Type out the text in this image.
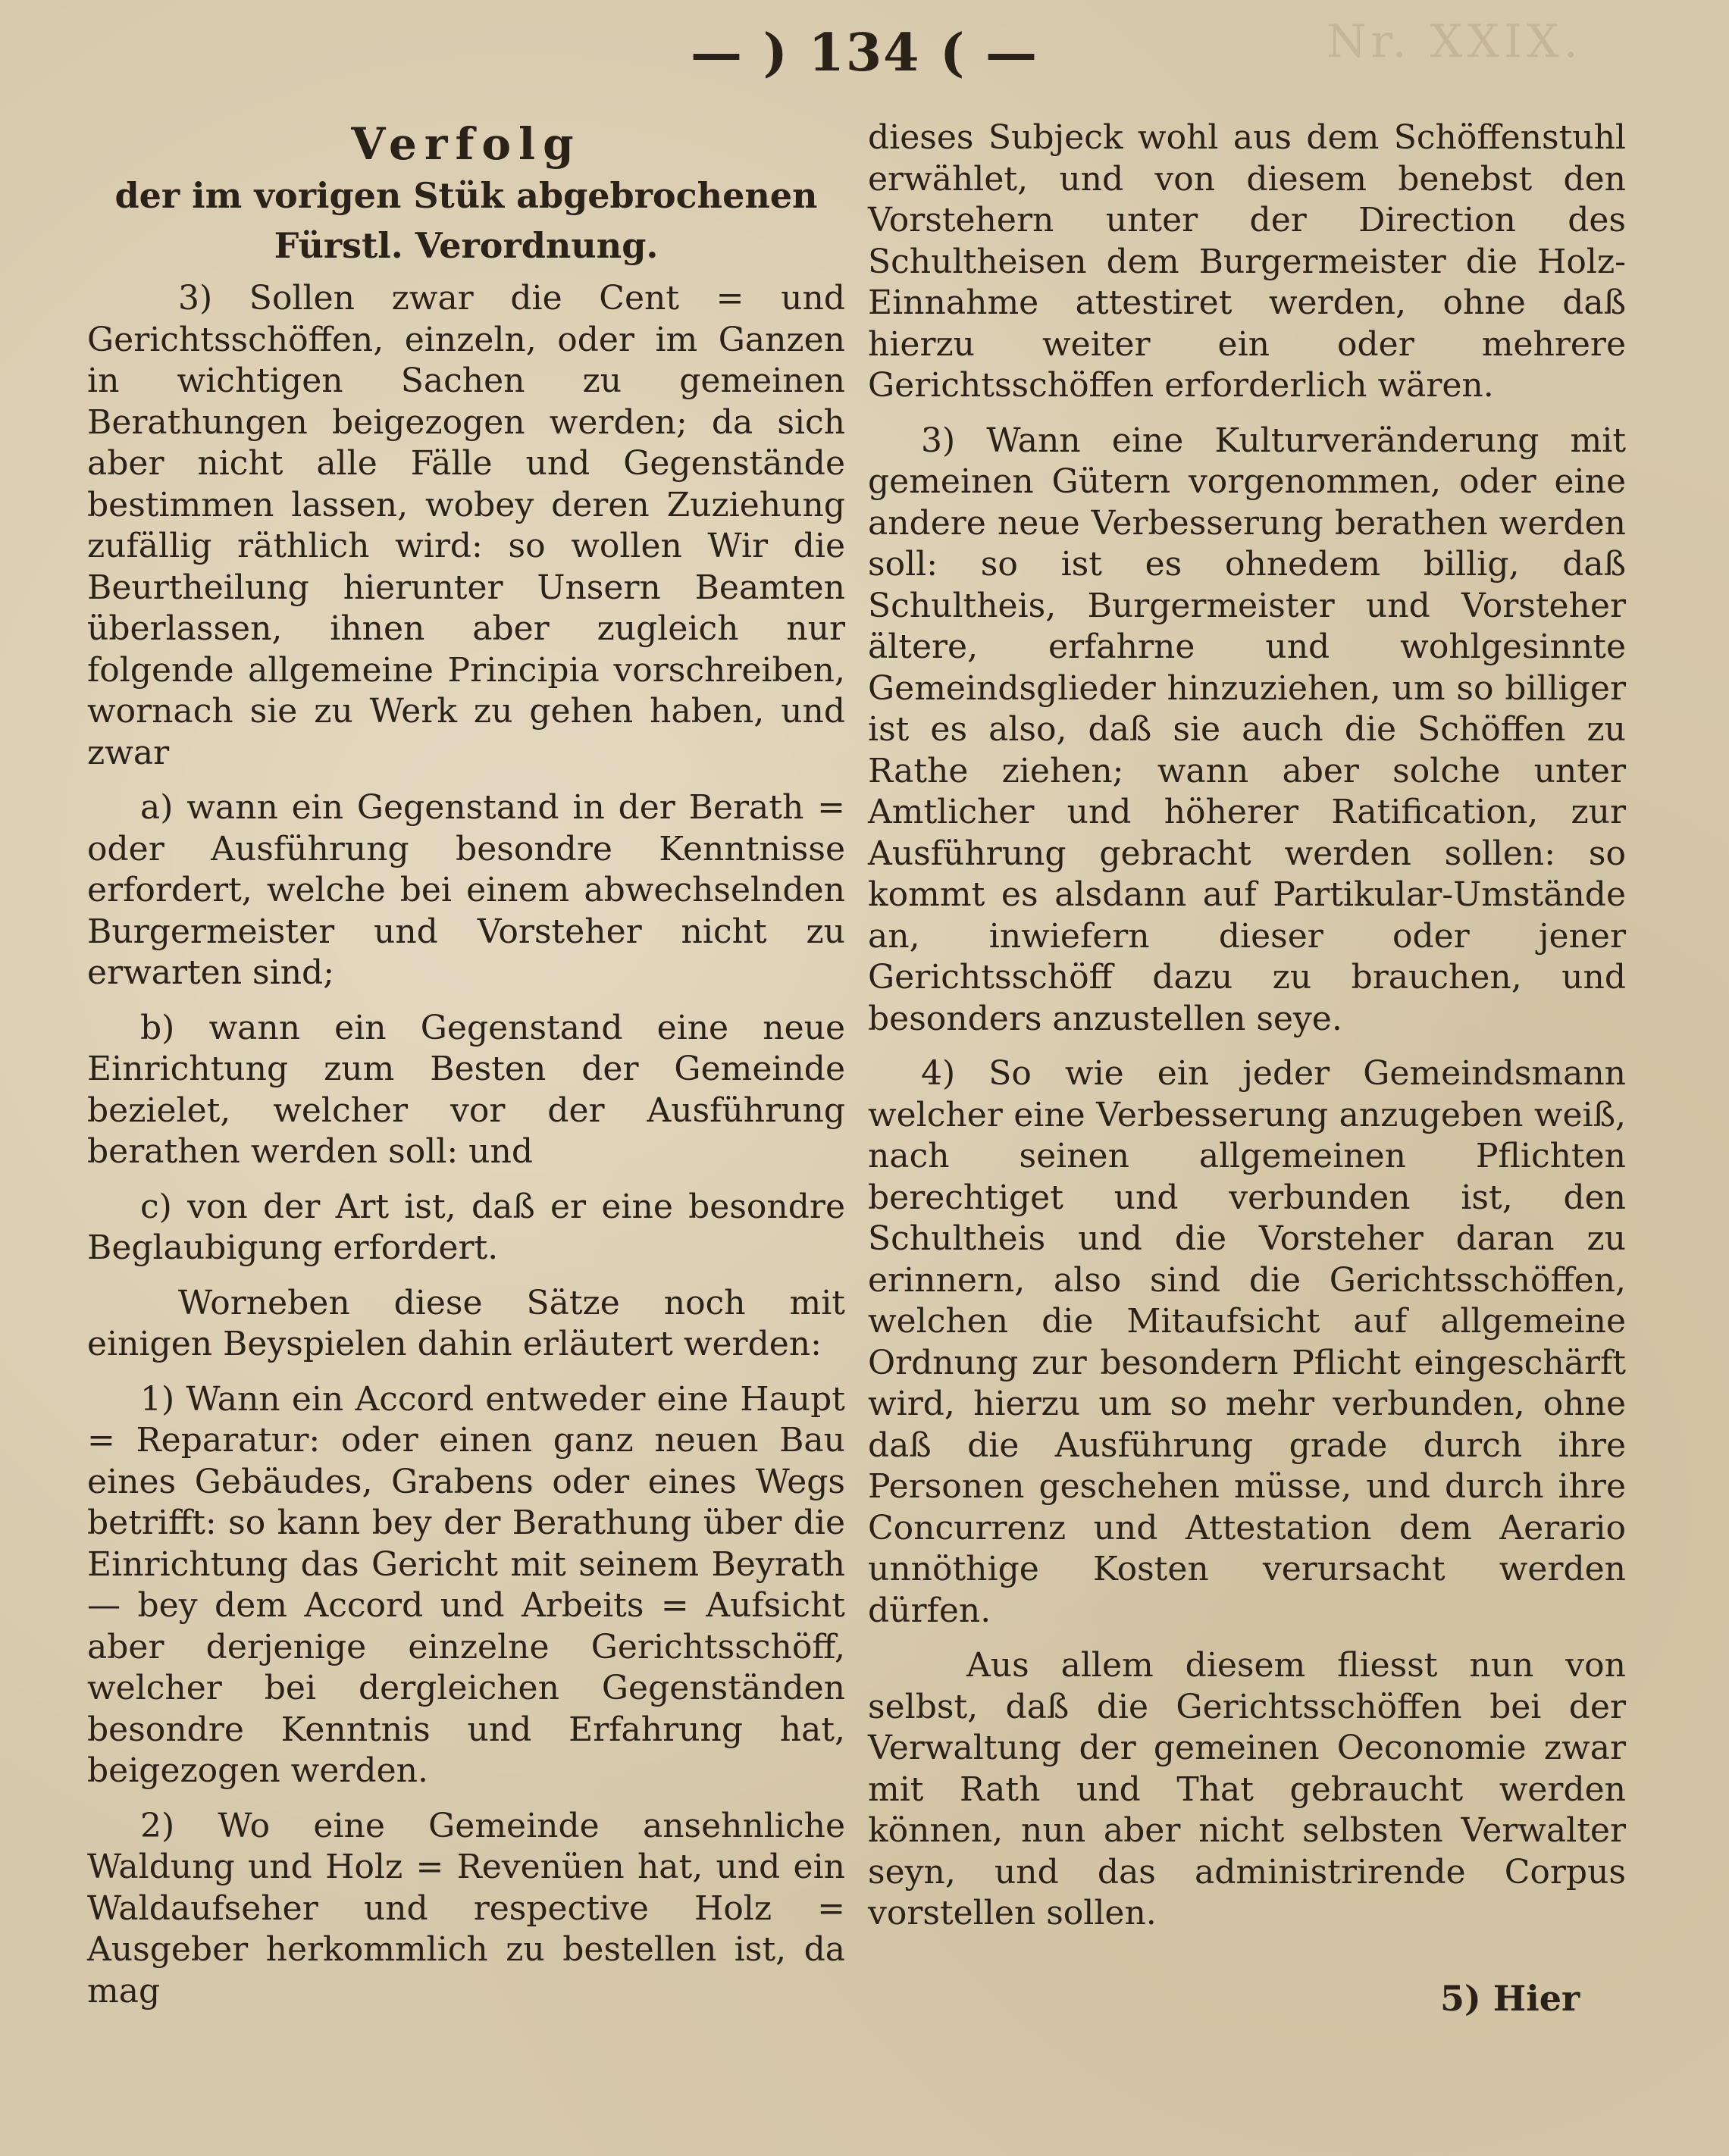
Nr. XXIX.
— ) 134 ( —
Verfolg
der im vorigen Stük abgebrochenen
Fürstl. Verordnung.

3) Sollen zwar die Cent = und Gerichtsschöffen, einzeln, oder im Ganzen in wichtigen Sachen zu gemeinen Berathungen beigezogen werden; da sich aber nicht alle Fälle und Gegenstände bestimmen lassen, wobey deren Zuziehung zufällig räthlich wird: so wollen Wir die Beurtheilung hierunter Unsern Beamten überlassen, ihnen aber zugleich nur folgende allgemeine Principia vorschreiben, wornach sie zu Werk zu gehen haben, und zwar

a) wann ein Gegenstand in der Berath = oder Ausführung besondre Kenntnisse erfordert, welche bei einem abwechselnden Burgermeister und Vorsteher nicht zu erwarten sind;

b) wann ein Gegenstand eine neue Einrichtung zum Besten der Gemeinde bezielet, welcher vor der Ausführung berathen werden soll: und

c) von der Art ist, daß er eine besondre Beglaubigung erfordert.

Worneben diese Sätze noch mit einigen Beyspielen dahin erläutert werden:

1) Wann ein Accord entweder eine Haupt = Reparatur: oder einen ganz neuen Bau eines Gebäudes, Grabens oder eines Wegs betrifft: so kann bey der Berathung über die Einrichtung das Gericht mit seinem Beyrath — bey dem Accord und Arbeits = Aufsicht aber derjenige einzelne Gerichtsschöff, welcher bei dergleichen Gegenständen besondre Kenntnis und Erfahrung hat, beigezogen werden.

2) Wo eine Gemeinde ansehnliche Waldung und Holz = Revenüen hat, und ein Waldaufseher und respective Holz = Ausgeber herkommlich zu bestellen ist, da mag

dieses Subjeck wohl aus dem Schöffenstuhl erwählet, und von diesem benebst den Vorstehern unter der Direction des Schultheisen dem Burgermeister die Holz-Einnahme attestiret werden, ohne daß hierzu weiter ein oder mehrere Gerichtsschöffen erforderlich wären.

3) Wann eine Kulturveränderung mit gemeinen Gütern vorgenommen, oder eine andere neue Verbesserung berathen werden soll: so ist es ohnedem billig, daß Schultheis, Burgermeister und Vorsteher ältere, erfahrne und wohlgesinnte Gemeindsglieder hinzuziehen, um so billiger ist es also, daß sie auch die Schöffen zu Rathe ziehen; wann aber solche unter Amtlicher und höherer Ratification, zur Ausführung gebracht werden sollen: so kommt es alsdann auf Partikular-Umstände an, inwiefern dieser oder jener Gerichtsschöff dazu zu brauchen, und besonders anzustellen seye.

4) So wie ein jeder Gemeindsmann welcher eine Verbesserung anzugeben weiß, nach seinen allgemeinen Pflichten berechtiget und verbunden ist, den Schultheis und die Vorsteher daran zu erinnern, also sind die Gerichtsschöffen, welchen die Mitaufsicht auf allgemeine Ordnung zur besondern Pflicht eingeschärft wird, hierzu um so mehr verbunden, ohne daß die Ausführung grade durch ihre Personen geschehen müsse, und durch ihre Concurrenz und Attestation dem Aerario unnöthige Kosten verursacht werden dürfen.

Aus allem diesem fliesst nun von selbst, daß die Gerichtsschöffen bei der Verwaltung der gemeinen Oeconomie zwar mit Rath und That gebraucht werden können, nun aber nicht selbsten Verwalter seyn, und das administrirende Corpus vorstellen sollen.

5) Hier
